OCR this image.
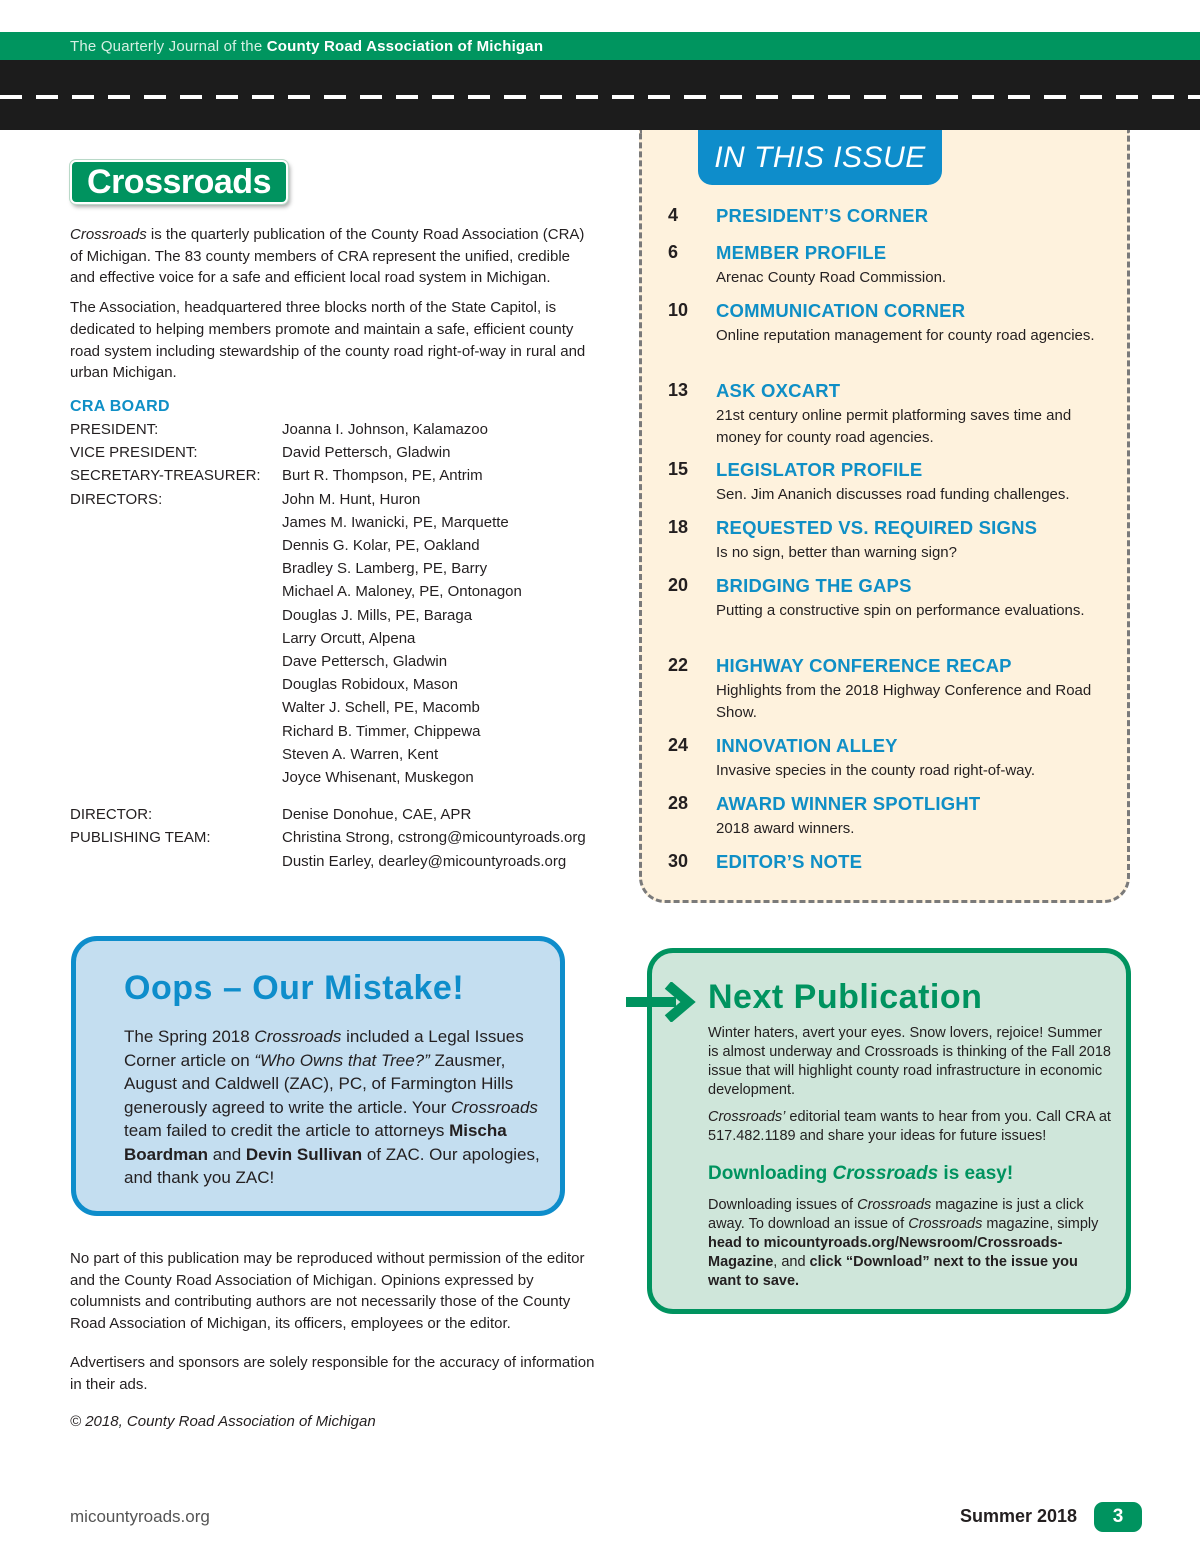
The Quarterly Journal of the County Road Association of Michigan
Crossroads

Crossroads is the quarterly publication of the County Road Association (CRA) of Michigan. The 83 county members of CRA represent the unified, credible and effective voice for a safe and efficient local road system in Michigan.

The Association, headquartered three blocks north of the State Capitol, is dedicated to helping members promote and maintain a safe, efficient county road system including stewardship of the county road right-of-way in rural and urban Michigan.

CRA BOARD
PRESIDENT:	Joanna I. Johnson, Kalamazoo
VICE PRESIDENT:	David Pettersch, Gladwin
SECRETARY-TREASURER:	Burt R. Thompson, PE, Antrim
DIRECTORS:	John M. Hunt, Huron
James M. Iwanicki, PE, Marquette
Dennis G. Kolar, PE, Oakland
Bradley S. Lamberg, PE, Barry
Michael A. Maloney, PE, Ontonagon
Douglas J. Mills, PE, Baraga
Larry Orcutt, Alpena
Dave Pettersch, Gladwin
Douglas Robidoux, Mason
Walter J. Schell, PE, Macomb
Richard B. Timmer, Chippewa
Steven A. Warren, Kent
Joyce Whisenant, Muskegon
DIRECTOR:	Denise Donohue, CAE, APR
PUBLISHING TEAM:	Christina Strong, cstrong@micountyroads.org
Dustin Earley, dearley@micountyroads.org
IN THIS ISSUE
4 PRESIDENT’S CORNER
6 MEMBER PROFILE
Arenac County Road Commission.
10 COMMUNICATION CORNER
Online reputation management for county road agencies.
13 ASK OXCART
21st century online permit platforming saves time and money for county road agencies.
15 LEGISLATOR PROFILE
Sen. Jim Ananich discusses road funding challenges.
18 REQUESTED VS. REQUIRED SIGNS
Is no sign, better than warning sign?
20 BRIDGING THE GAPS
Putting a constructive spin on performance evaluations.
22 HIGHWAY CONFERENCE RECAP
Highlights from the 2018 Highway Conference and Road Show.
24 INNOVATION ALLEY
Invasive species in the county road right-of-way.
28 AWARD WINNER SPOTLIGHT
2018 award winners.
30 EDITOR’S NOTE
Oops – Our Mistake!
The Spring 2018 Crossroads included a Legal Issues Corner article on “Who Owns that Tree?” Zausmer, August and Caldwell (ZAC), PC, of Farmington Hills generously agreed to write the article. Your Crossroads team failed to credit the article to attorneys Mischa Boardman and Devin Sullivan of ZAC. Our apologies, and thank you ZAC!
Next Publication
Winter haters, avert your eyes. Snow lovers, rejoice! Summer is almost underway and Crossroads is thinking of the Fall 2018 issue that will highlight county road infrastructure in economic development.
Crossroads’ editorial team wants to hear from you. Call CRA at 517.482.1189 and share your ideas for future issues!
Downloading Crossroads is easy!
Downloading issues of Crossroads magazine is just a click away. To download an issue of Crossroads magazine, simply head to micountyroads.org/Newsroom/Crossroads-Magazine, and click “Download” next to the issue you want to save.

No part of this publication may be reproduced without permission of the editor and the County Road Association of Michigan. Opinions expressed by columnists and contributing authors are not necessarily those of the County Road Association of Michigan, its officers, employees or the editor.

Advertisers and sponsors are solely responsible for the accuracy of information in their ads.

© 2018, County Road Association of Michigan
micountyroads.org	Summer 2018	3
